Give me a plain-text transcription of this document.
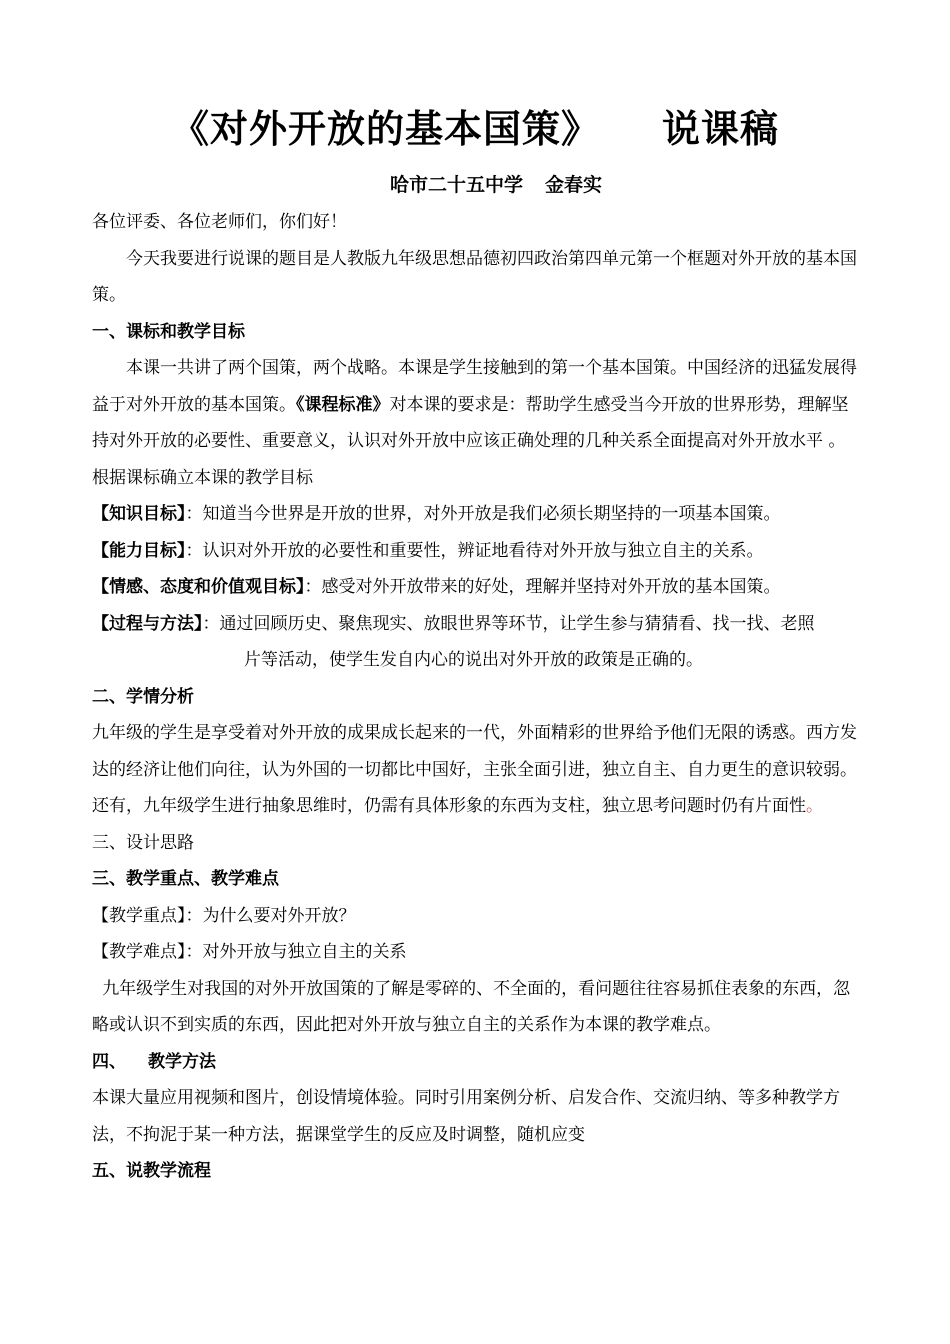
《对外开放的基本国策》 说课稿
哈市二十五中学 金春实

各位评委、各位老师们，你们好！

今天我要进行说课的题目是人教版九年级思想品德初四政治第四单元第一个框题对外开放的基本国策。

一、课标和教学目标

本课一共讲了两个国策，两个战略。本课是学生接触到的第一个基本国策。中国经济的迅猛发展得益于对外开放的基本国策。《课程标准》对本课的要求是：帮助学生感受当今开放的世界形势，理解坚持对外开放的必要性、重要意义，认识对外开放中应该正确处理的几种关系全面提高对外开放水平 。根据课标确立本课的教学目标

【知识目标】：知道当今世界是开放的世界，对外开放是我们必须长期坚持的一项基本国策。

【能力目标】：认识对外开放的必要性和重要性，辨证地看待对外开放与独立自主的关系。

【情感、态度和价值观目标】：感受对外开放带来的好处，理解并坚持对外开放的基本国策。

【过程与方法】：通过回顾历史、聚焦现实、放眼世界等环节，让学生参与猜猜看、找一找、老照

片等活动，使学生发自内心的说出对外开放的政策是正确的。

二、学情分析

九年级的学生是享受着对外开放的成果成长起来的一代，外面精彩的世界给予他们无限的诱惑。西方发达的经济让他们向往，认为外国的一切都比中国好，主张全面引进，独立自主、自力更生的意识较弱。还有，九年级学生进行抽象思维时，仍需有具体形象的东西为支柱，独立思考问题时仍有片面性。

三、设计思路

三、教学重点、教学难点

【教学重点】：为什么要对外开放？

【教学难点】：对外开放与独立自主的关系

九年级学生对我国的对外开放国策的了解是零碎的、不全面的，看问题往往容易抓住表象的东西，忽略或认识不到实质的东西，因此把对外开放与独立自主的关系作为本课的教学难点。

四、 教学方法

本课大量应用视频和图片，创设情境体验。同时引用案例分析、启发合作、交流归纳、等多种教学方法，不拘泥于某一种方法，据课堂学生的反应及时调整，随机应变

五、说教学流程
